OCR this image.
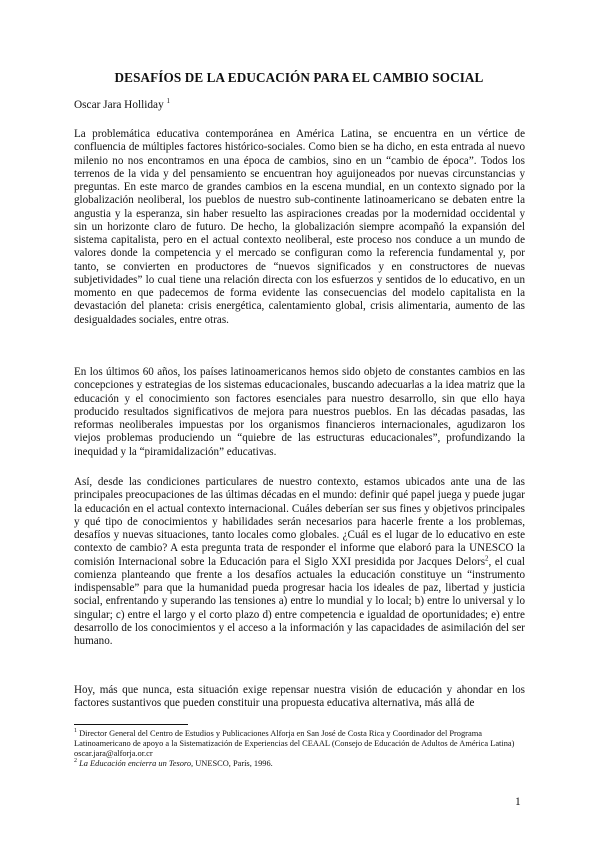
DESAFÍOS DE LA EDUCACIÓN PARA EL CAMBIO SOCIAL
Oscar Jara Holliday $^1$
La problemática educativa contemporánea en América Latina, se encuentra en un vértice de confluencia de múltiples factores histórico-sociales. Como bien se ha dicho, en esta entrada al nuevo milenio no nos encontramos en una época de cambios, sino en un “cambio de época”. Todos los terrenos de la vida y del pensamiento se encuentran hoy aguijoneados por nuevas circunstancias y preguntas. En este marco de grandes cambios en la escena mundial, en un contexto signado por la globalización neoliberal, los pueblos de nuestro sub-continente latinoamericano se debaten entre la angustia y la esperanza, sin haber resuelto las aspiraciones creadas por la modernidad occidental y sin un horizonte claro de futuro. De hecho, la globalización siempre acompañó la expansión del sistema capitalista, pero en el actual contexto neoliberal, este proceso nos conduce a un mundo de valores donde la competencia y el mercado se configuran como la referencia fundamental y, por tanto, se convierten en productores de “nuevos significados y en constructores de nuevas subjetividades” lo cual tiene una relación directa con los esfuerzos y sentidos de lo educativo, en un momento en que padecemos de forma evidente las consecuencias del modelo capitalista en la devastación del planeta: crisis energética, calentamiento global, crisis alimentaria, aumento de las desigualdades sociales, entre otras.
En los últimos 60 años, los países latinoamericanos hemos sido objeto de constantes cambios en las concepciones y estrategias de los sistemas educacionales, buscando adecuarlas a la idea matriz que la educación y el conocimiento son factores esenciales para nuestro desarrollo, sin que ello haya producido resultados significativos de mejora para nuestros pueblos. En las décadas pasadas, las reformas neoliberales impuestas por los organismos financieros internacionales, agudizaron los viejos problemas produciendo un “quiebre de las estructuras educacionales”, profundizando la inequidad y la “piramidalización” educativas.
Así, desde las condiciones particulares de nuestro contexto, estamos ubicados ante una de las principales preocupaciones de las últimas décadas en el mundo: definir qué papel juega y puede jugar la educación en el actual contexto internacional. Cuáles deberían ser sus fines y objetivos principales y qué tipo de conocimientos y habilidades serán necesarios para hacerle frente a los problemas, desafíos y nuevas situaciones, tanto locales como globales. ¿Cuál es el lugar de lo educativo en este contexto de cambio? A esta pregunta trata de responder el informe que elaboró para la UNESCO la comisión Internacional sobre la Educación para el Siglo XXI presidida por Jacques Delors$^2$, el cual comienza planteando que frente a los desafíos actuales la educación constituye un “instrumento indispensable” para que la humanidad pueda progresar hacia los ideales de paz, libertad y justicia social, enfrentando y superando las tensiones a) entre lo mundial y lo local; b) entre lo universal y lo singular; c) entre el largo y el corto plazo d) entre competencia e igualdad de oportunidades; e) entre desarrollo de los conocimientos y el acceso a la información y las capacidades de asimilación del ser humano.
Hoy, más que nunca, esta situación exige repensar nuestra visión de educación y ahondar en los factores sustantivos que pueden constituir una propuesta educativa alternativa, más allá de
$^1$ Director General del Centro de Estudios y Publicaciones Alforja en San José de Costa Rica y Coordinador del Programa Latinoamericano de apoyo a la Sistematización de Experiencias del CEAAL (Consejo de Educación de Adultos de América Latina) oscar.jara@alforja.or.cr
$^2$ La Educación encierra un Tesoro, UNESCO, París, 1996.
1
